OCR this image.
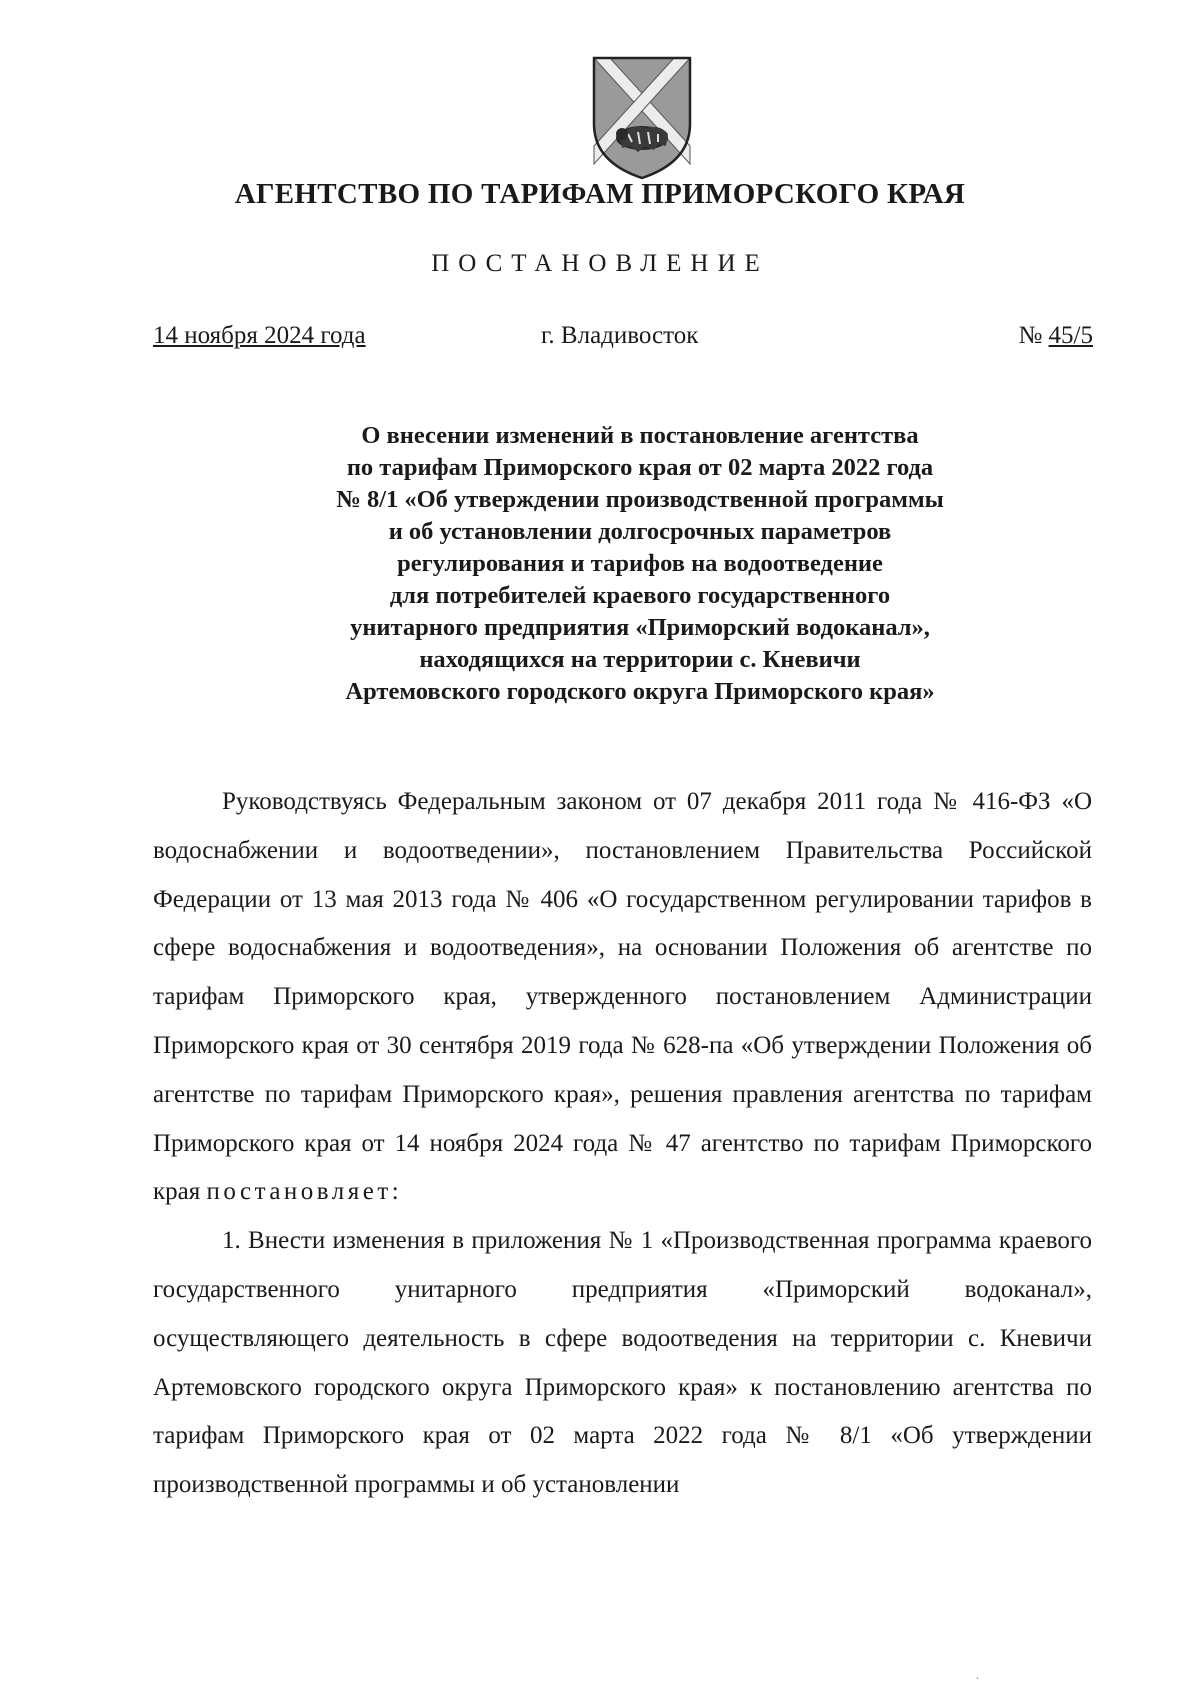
АГЕНТСТВО ПО ТАРИФАМ ПРИМОРСКОГО КРАЯ
ПОСТАНОВЛЕНИЕ
14 ноября 2024 года	г. Владивосток	№ 45/5
О внесении изменений в постановление агентства
по тарифам Приморского края от 02 марта 2022 года
№ 8/1 «Об утверждении производственной программы
и об установлении долгосрочных параметров
регулирования и тарифов на водоотведение
для потребителей краевого государственного
унитарного предприятия «Приморский водоканал»,
находящихся на территории с. Кневичи
Артемовского городского округа Приморского края»

Руководствуясь Федеральным законом от 07 декабря 2011 года № 416-ФЗ «О водоснабжении и водоотведении», постановлением Правительства Российской Федерации от 13 мая 2013 года № 406 «О государственном регулировании тарифов в сфере водоснабжения и водоотведения», на основании Положения об агентстве по тарифам Приморского края, утвержденного постановлением Администрации Приморского края от 30 сентября 2019 года № 628-па «Об утверждении Положения об агентстве по тарифам Приморского края», решения правления агентства по тарифам Приморского края от 14 ноября 2024 года № 47 агентство по тарифам Приморского края постановляет:

1. Внести изменения в приложения № 1 «Производственная программа краевого государственного унитарного предприятия «Приморский водоканал», осуществляющего деятельность в сфере водоотведения на территории с. Кневичи Артемовского городского округа Приморского края» к постановлению агентства по тарифам Приморского края от 02 марта 2022 года № 8/1 «Об утверждении производственной программы и об установлении

·
